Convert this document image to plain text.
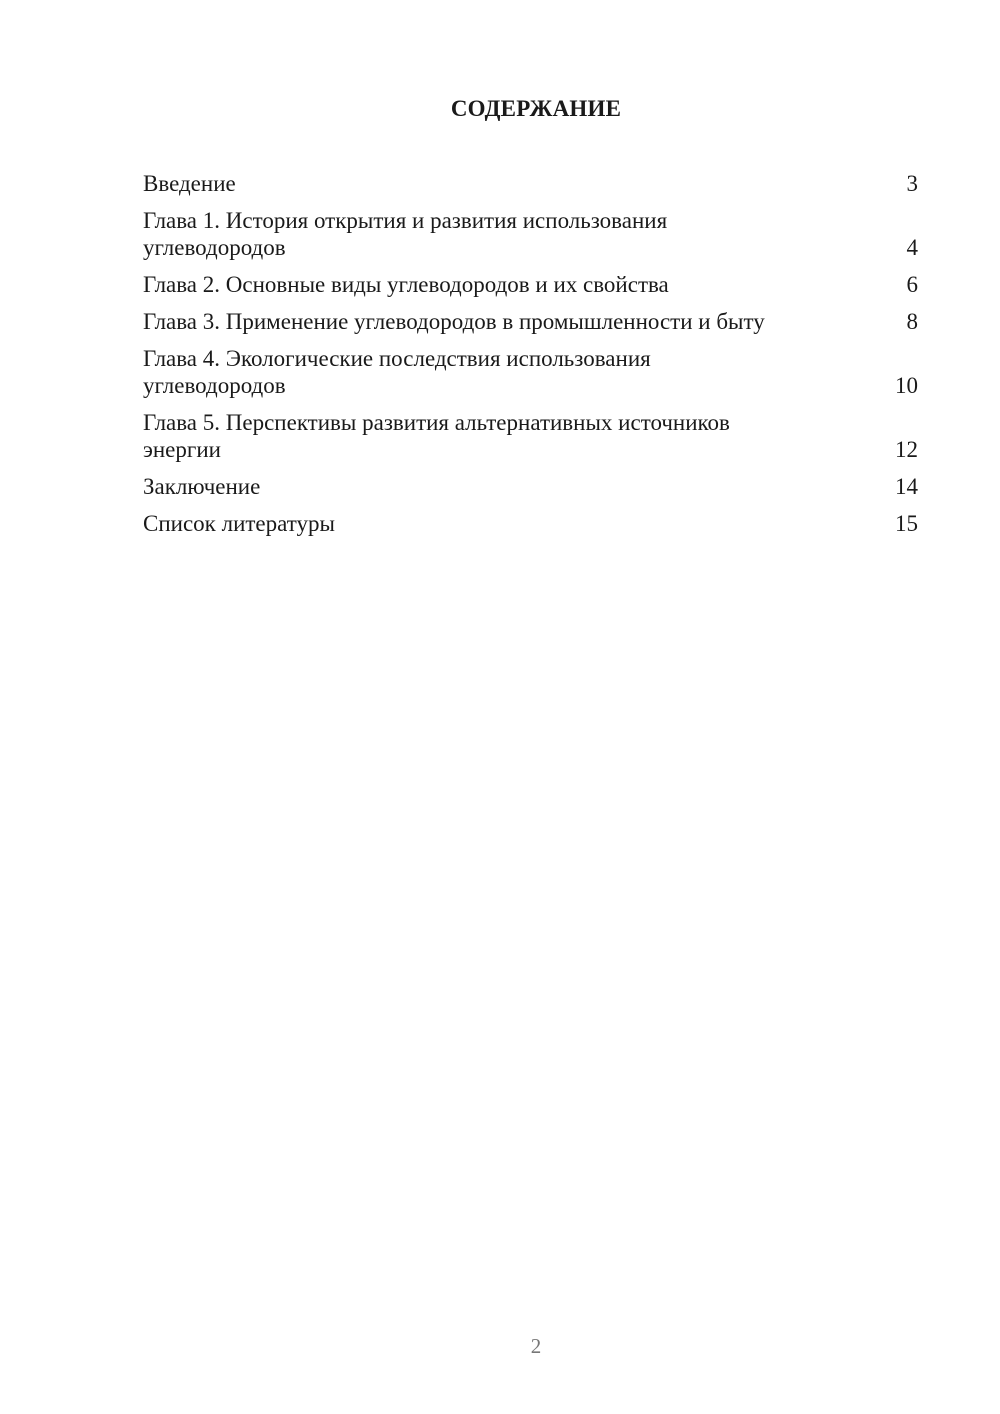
СОДЕРЖАНИЕ
Введение	3
Глава 1. История открытия и развития использования
углеводородов	4
Глава 2. Основные виды углеводородов и их свойства	6
Глава 3. Применение углеводородов в промышленности и быту	8
Глава 4. Экологические последствия использования
углеводородов	10
Глава 5. Перспективы развития альтернативных источников
энергии	12
Заключение	14
Список литературы	15
2
